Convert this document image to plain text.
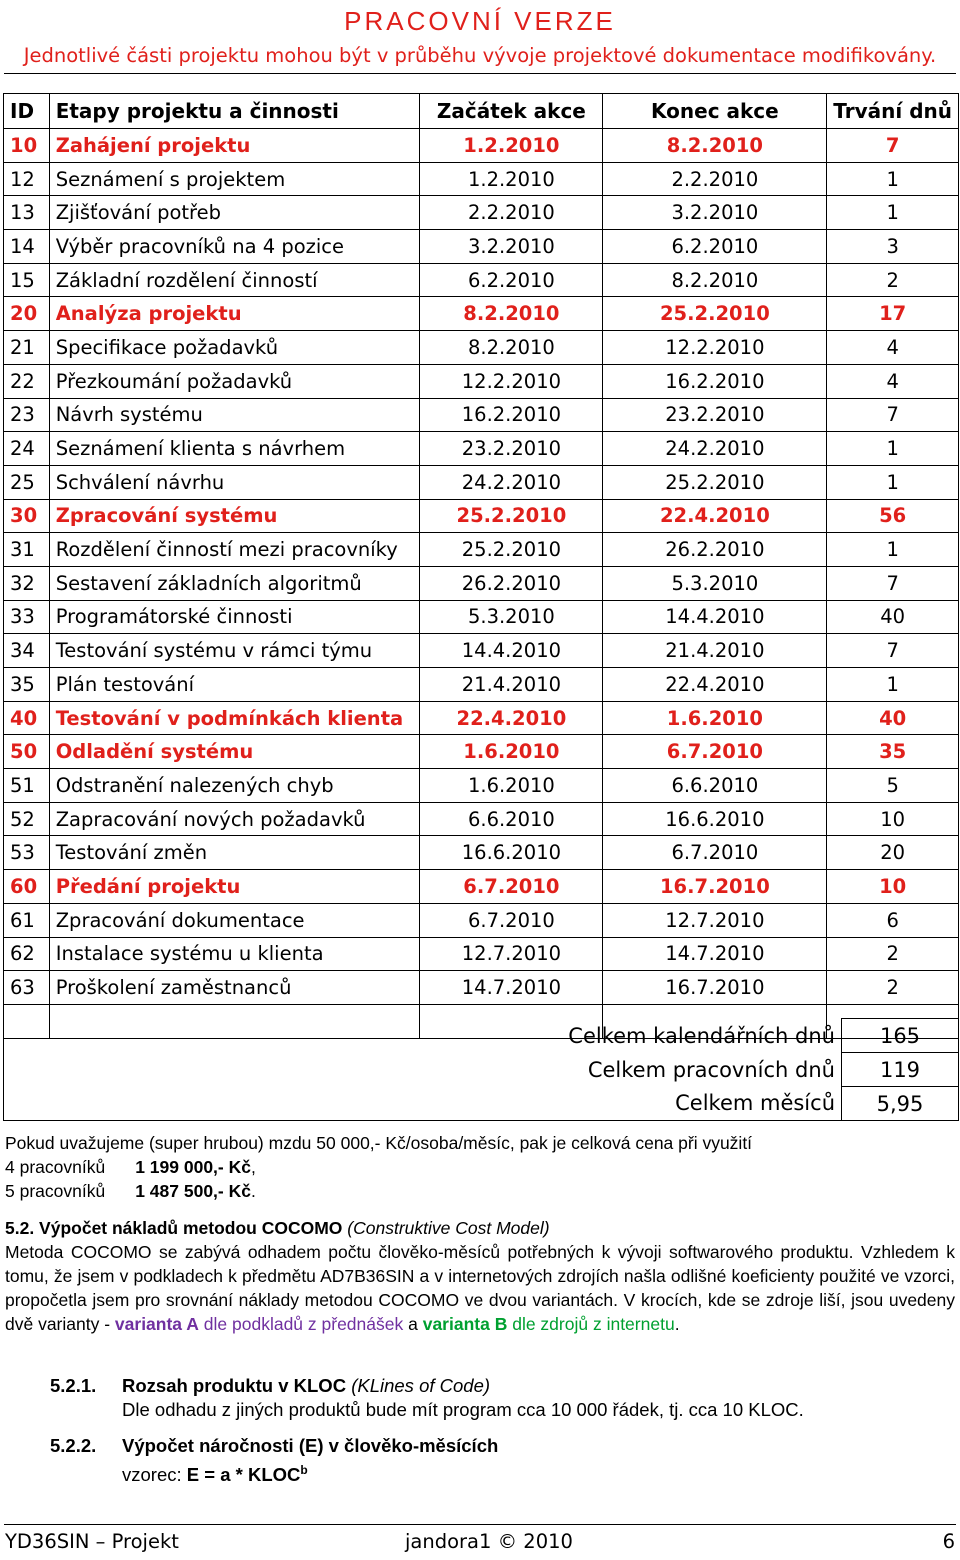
PRACOVNÍ VERZE
Jednotlivé části projektu mohou být v průběhu vývoje projektové dokumentace modifikovány.
ID	Etapy projektu a činnosti	Začátek akce	Konec akce	Trvání dnů
10	Zahájení projektu	1.2.2010	8.2.2010	7
12	Seznámení s projektem	1.2.2010	2.2.2010	1
13	Zjišťování potřeb	2.2.2010	3.2.2010	1
14	Výběr pracovníků na 4 pozice	3.2.2010	6.2.2010	3
15	Základní rozdělení činností	6.2.2010	8.2.2010	2
20	Analýza projektu	8.2.2010	25.2.2010	17
21	Specifikace požadavků	8.2.2010	12.2.2010	4
22	Přezkoumání požadavků	12.2.2010	16.2.2010	4
23	Návrh systému	16.2.2010	23.2.2010	7
24	Seznámení klienta s návrhem	23.2.2010	24.2.2010	1
25	Schválení návrhu	24.2.2010	25.2.2010	1
30	Zpracování systému	25.2.2010	22.4.2010	56
31	Rozdělení činností mezi pracovníky	25.2.2010	26.2.2010	1
32	Sestavení základních algoritmů	26.2.2010	5.3.2010	7
33	Programátorské činnosti	5.3.2010	14.4.2010	40
34	Testování systému v rámci týmu	14.4.2010	21.4.2010	7
35	Plán testování	21.4.2010	22.4.2010	1
40	Testování v podmínkách klienta	22.4.2010	1.6.2010	40
50	Odladění systému	1.6.2010	6.7.2010	35
51	Odstranění nalezených chyb	1.6.2010	6.6.2010	5
52	Zapracování nových požadavků	6.6.2010	16.6.2010	10
53	Testování změn	16.6.2010	6.7.2010	20
60	Předání projektu	6.7.2010	16.7.2010	10
61	Zpracování dokumentace	6.7.2010	12.7.2010	6
62	Instalace systému u klienta	12.7.2010	14.7.2010	2
63	Proškolení zaměstnanců	14.7.2010	16.7.2010	2

	Celkem kalendářních dnů	165
	Celkem pracovních dnů	119
	Celkem měsíců	5,95
Pokud uvažujeme (super hrubou) mzdu 50 000,- Kč/osoba/měsíc, pak je celková cena při využití
4 pracovníků 1 199 000,- Kč,
5 pracovníků 1 487 500,- Kč.
5.2. Výpočet nákladů metodou COCOMO (Construktive Cost Model)
Metoda COCOMO se zabývá odhadem počtu člověko-měsíců potřebných k vývoji softwarového produktu. Vzhledem k tomu, že jsem v podkladech k předmětu AD7B36SIN a v internetových zdrojích našla odlišné koeficienty použité ve vzorci, propočetla jsem pro srovnání náklady metodou COCOMO ve dvou variantách. V krocích, kde se zdroje liší, jsou uvedeny dvě varianty - varianta A dle podkladů z přednášek a varianta B dle zdrojů z internetu.
5.2.1. Rozsah produktu v KLOC (KLines of Code)
Dle odhadu z jiných produktů bude mít program cca 10 000 řádek, tj. cca 10 KLOC.
5.2.2. Výpočet náročnosti (E) v člověko-měsících
vzorec: E = a * KLOC$^b$
YD36SIN – Projekt	jandora1 © 2010	6
